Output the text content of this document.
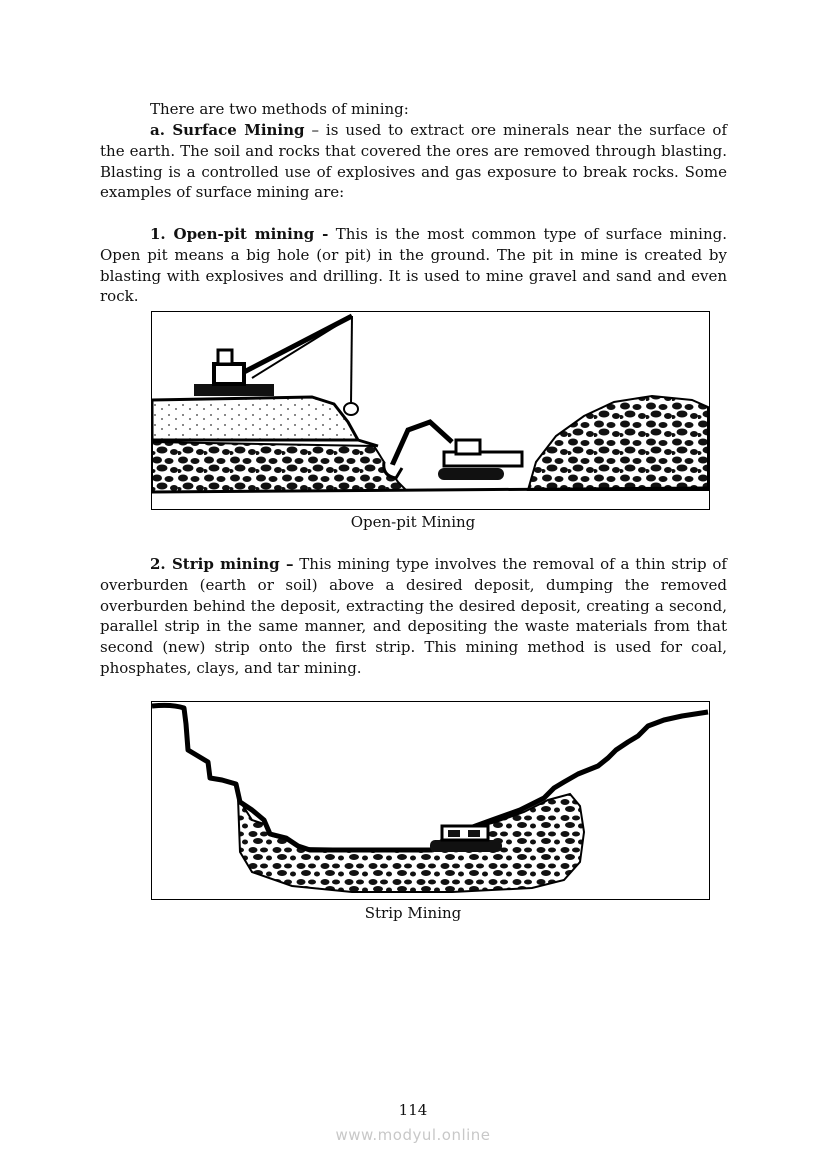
There are two methods of mining:

a. Surface Mining – is used to extract ore minerals near the surface of the earth. The soil and rocks that covered the ores are removed through blasting. Blasting is a controlled use of explosives and gas exposure to break rocks. Some examples of surface mining are:

1. Open-pit mining - This is the most common type of surface mining. Open pit means a big hole (or pit) in the ground. The pit in mine is created by blasting with explosives and drilling. It is used to mine gravel and sand and even rock.

Open-pit Mining

2. Strip mining – This mining type involves the removal of a thin strip of overburden (earth or soil) above a desired deposit, dumping the removed overburden behind the deposit, extracting the desired deposit, creating a second, parallel strip in the same manner, and depositing the waste materials from that second (new) strip onto the first strip. This mining method is used for coal, phosphates, clays, and tar mining.

Strip Mining
114
www.modyul.online
